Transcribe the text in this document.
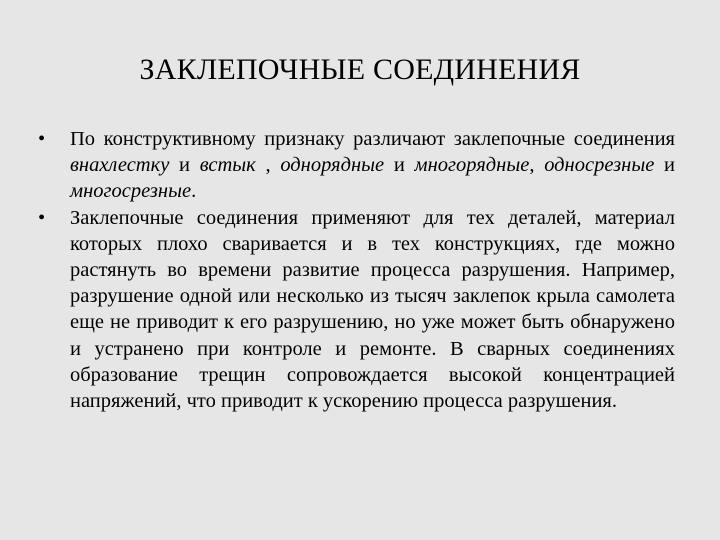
ЗАКЛЕПОЧНЫЕ СОЕДИНЕНИЯ
•	По конструктивному признаку различают заклепочные соединения внахлестку и встык , однорядные и многорядные, односрезные и многосрезные.
•	Заклепочные соединения применяют для тех деталей, материал которых плохо сваривается и в тех конструкциях, где можно растянуть во времени развитие процесса разрушения. Например, разрушение одной или несколько из тысяч заклепок крыла самолета еще не приводит к его разрушению, но уже может быть обнаружено и устранено при контроле и ремонте. В сварных соединениях образование трещин сопровождается высокой концентрацией напряжений, что приводит к ускорению процесса разрушения.
